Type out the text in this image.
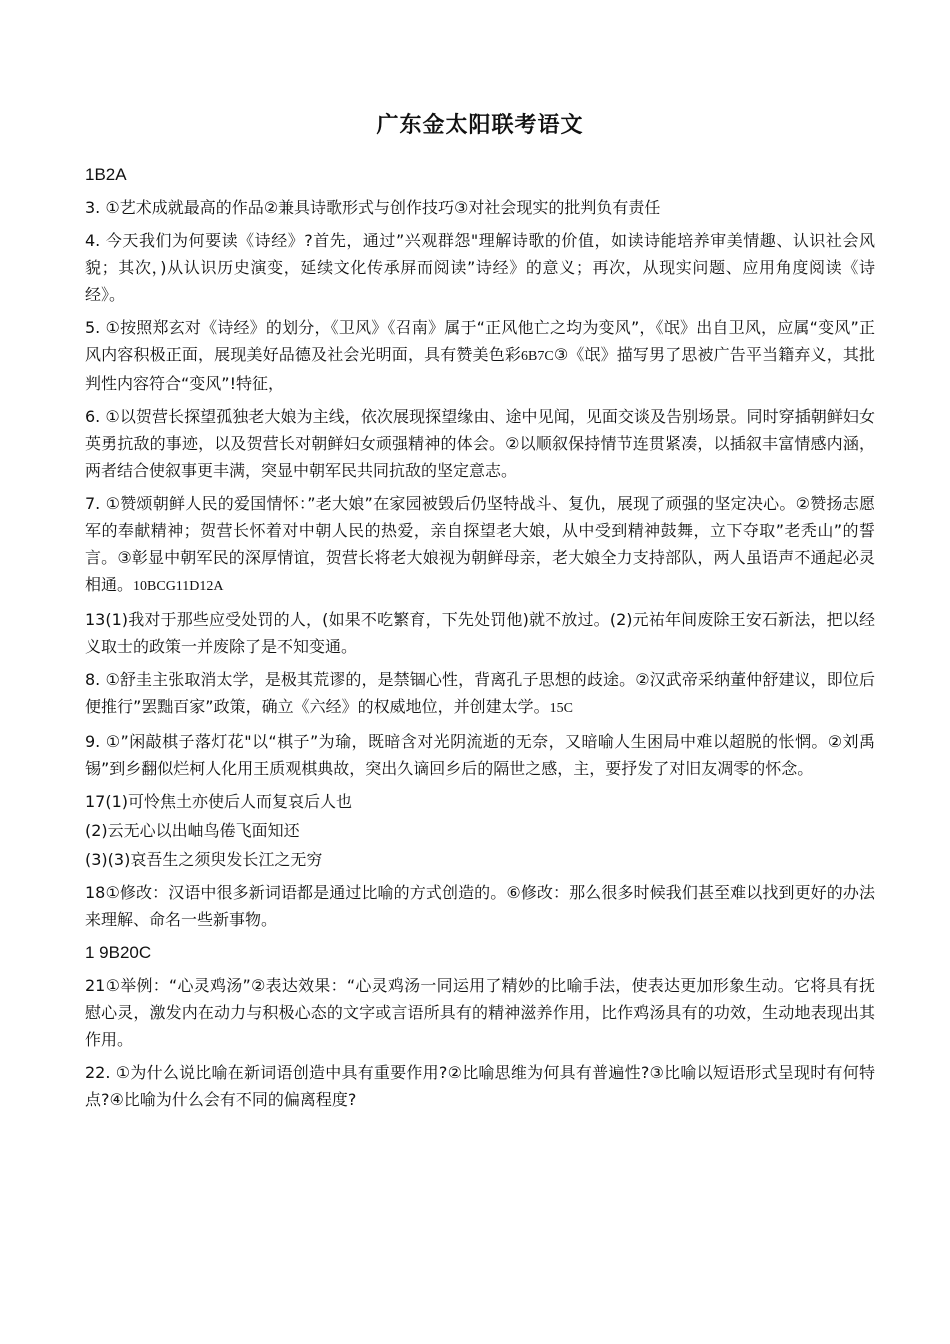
广东金太阳联考语文

1B2A

3. ①艺术成就最高的作品②兼具诗歌形式与创作技巧③对社会现实的批判负有责任

4. 今天我们为何要读《诗经》?首先，通过”兴观群怨"理解诗歌的价值，如读诗能培养审美情趣、认识社会风貌；其次，)从认识历史演变，延续文化传承屏而阅读”诗经》的意义；再次，从现实问题、应用角度阅读《诗经》。

5. ①按照郑玄对《诗经》的划分，《卫风》《召南》属于“正风他亡之均为变风”，《氓》出自卫风，应属“变风”正风内容积极正面，展现美好品德及社会光明面，具有赞美色彩6B7C③《氓》描写男了思被广告平当籍弃义，其批判性内容符合“变风”!特征，

6. ①以贺营长探望孤独老大娘为主线，依次展现探望缘由、途中见闻，见面交谈及告别场景。同时穿插朝鲜妇女英勇抗敌的事迹，以及贺营长对朝鲜妇女顽强精神的体会。②以顺叙保持情节连贯紧凑，以插叙丰富情感内涵，两者结合使叙事更丰满，突显中朝军民共同抗敌的坚定意志。

7. ①赞颂朝鲜人民的爱国情怀：”老大娘”在家园被毁后仍坚特战斗、复仇，展现了顽强的坚定决心。②赞扬志愿军的奉献精神；贺营长怀着对中朝人民的热爱，亲自探望老大娘，从中受到精神鼓舞，立下夺取”老秃山”的誓言。③彰显中朝军民的深厚情谊，贺营长将老大娘视为朝鲜母亲，老大娘全力支持部队，两人虽语声不通起必灵相通。10BCG11D12A

13(1)我对于那些应受处罚的人，(如果不吃繁育，下先处罚他)就不放过。(2)元祐年间废除王安石新法，把以经义取士的政策一并废除了是不知变通。

8. ①舒圭主张取消太学，是极其荒谬的，是禁锢心性，背离孔子思想的歧途。②汉武帝采纳董仲舒建议，即位后便推行”罢黜百家”政策，确立《六经》的权威地位，并创建太学。15C

9. ①”闲敲棋子落灯花"以“棋子”为瑜，既暗含对光阴流逝的无奈，又暗喻人生困局中难以超脱的怅惘。②刘禹锡”到乡翻似烂柯人化用王质观棋典故，突出久谪回乡后的隔世之感，主，要抒发了对旧友凋零的怀念。

17(1)可怜焦土亦使后人而复哀后人也

(2)云无心以出岫鸟倦飞面知还

(3)(3)哀吾生之须臾发长江之无穷

18①修改：汉语中很多新词语都是通过比喻的方式创造的。⑥修改：那么很多时候我们甚至难以找到更好的办法来理解、命名一些新事物。

1 9B20C

21①举例：“心灵鸡汤”②表达效果：“心灵鸡汤一同运用了精妙的比喻手法，使表达更加形象生动。它将具有抚慰心灵，激发内在动力与积极心态的文字或言语所具有的精神滋养作用，比作鸡汤具有的功效，生动地表现出其作用。

22. ①为什么说比喻在新词语创造中具有重要作用?②比喻思维为何具有普遍性?③比喻以短语形式呈现时有何特点?④比喻为什么会有不同的偏离程度?
